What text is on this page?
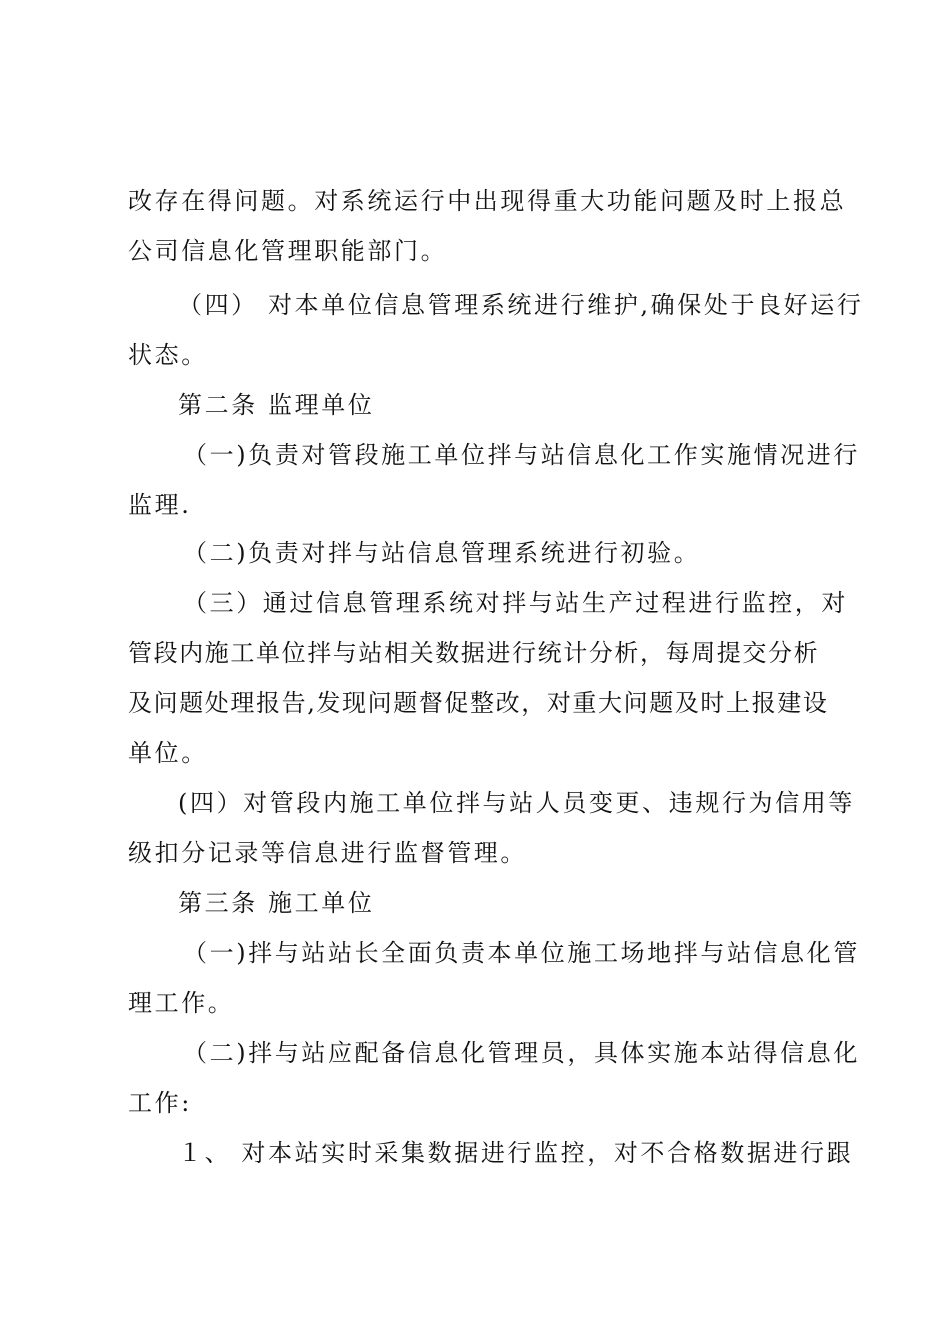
改存在得问题。对系统运行中出现得重大功能问题及时上报总
公司信息化管理职能部门。
（四） 对本单位信息管理系统进行维护,确保处于良好运行
状态。
第二条 监理单位
（一)负责对管段施工单位拌与站信息化工作实施情况进行
监理.
（二)负责对拌与站信息管理系统进行初验。
（三）通过信息管理系统对拌与站生产过程进行监控，对
管段内施工单位拌与站相关数据进行统计分析，每周提交分析
及问题处理报告,发现问题督促整改，对重大问题及时上报建设
单位。
(四）对管段内施工单位拌与站人员变更、违规行为信用等
级扣分记录等信息进行监督管理。
第三条 施工单位
（一)拌与站站长全面负责本单位施工场地拌与站信息化管
理工作。
（二)拌与站应配备信息化管理员，具体实施本站得信息化
工作:
１、 对本站实时采集数据进行监控，对不合格数据进行跟
